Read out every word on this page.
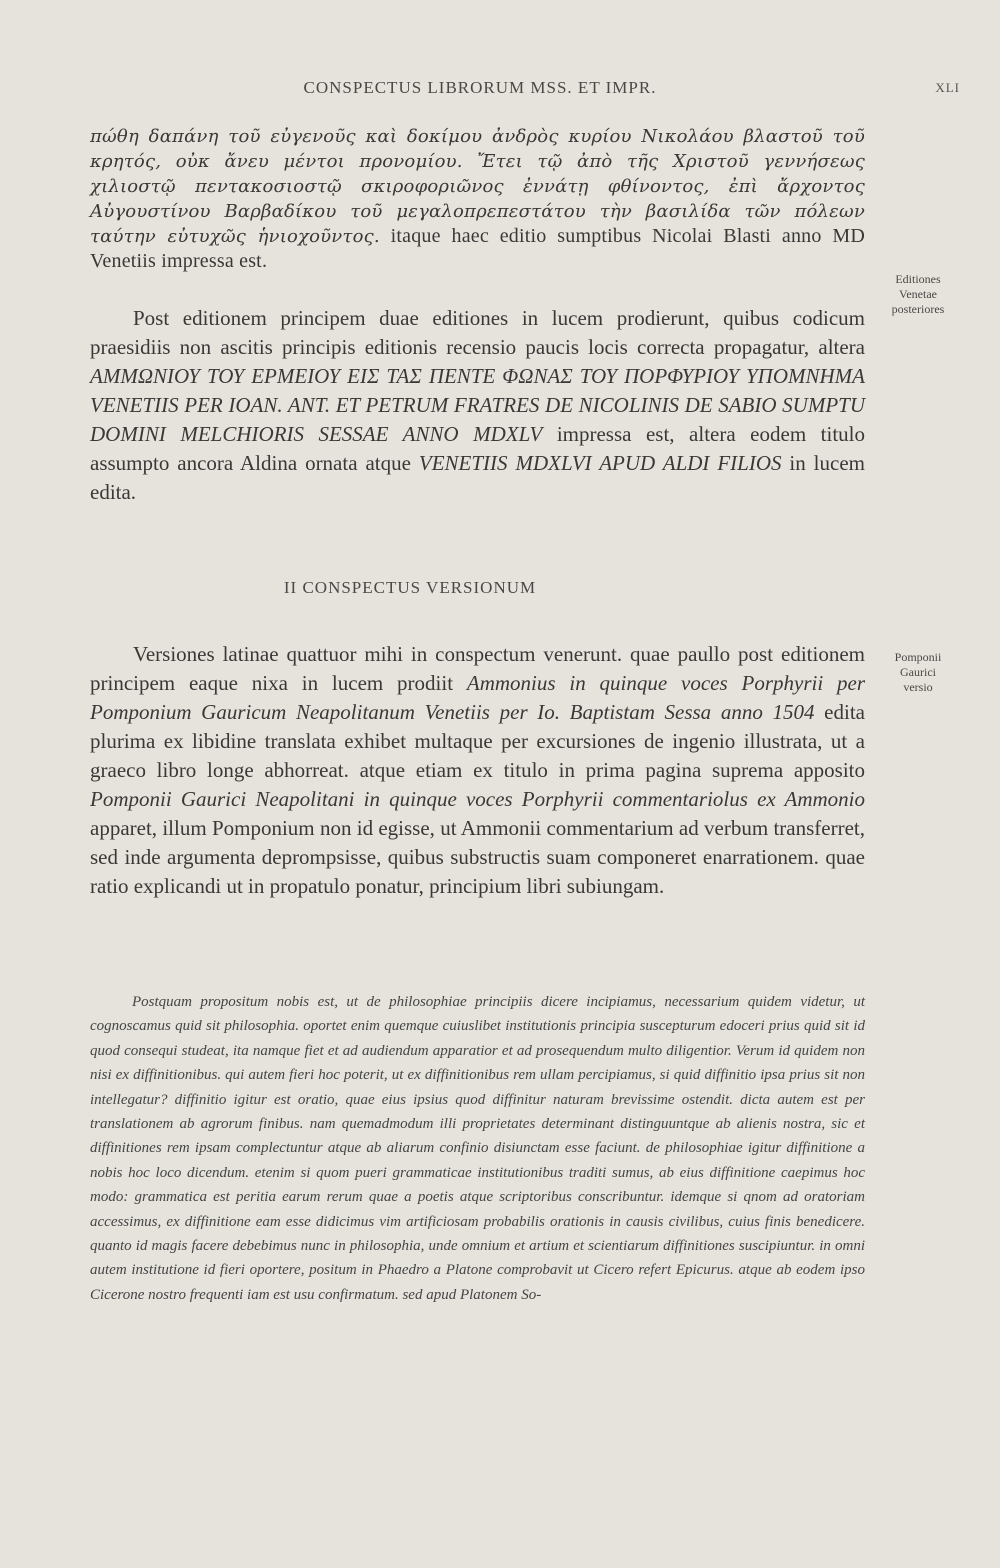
CONSPECTUS LIBRORUM MSS. ET IMPR.	XLI

πώθη δαπάνη τοῦ εὐγενοῦς καὶ δοκίμου ἀνδρὸς κυρίου Νικολάου βλαστοῦ τοῦ κρητός, οὐκ ἄνευ μέντοι προνομίου. Ἔτει τῷ ἀπὸ τῆς Χριστοῦ γεννήσεως χιλιοστῷ πεντακοσιοστῷ σκιροφοριῶνος ἐννάτῃ φθίνοντος, ἐπὶ ἄρχοντος Αὐγουστίνου Βαρβαδίκου τοῦ μεγαλοπρεπεστάτου τὴν βασιλίδα τῶν πόλεων ταύτην εὐτυχῶς ἡνιοχοῦντος. itaque haec editio sumptibus Nicolai Blasti anno MD Venetiis impressa est.

Post editionem principem duae editiones in lucem prodierunt, quibus codicum praesidiis non ascitis principis editionis recensio paucis locis correcta propagatur, altera ΑΜΜΩΝΙΟΥ ΤΟΥ ΕΡΜΕΙΟΥ ΕΙΣ ΤΑΣ ΠΕΝΤΕ ΦΩΝΑΣ ΤΟΥ ΠΟΡΦΥΡΙΟΥ ΥΠΟΜΝΗΜΑ VENETIIS PER IOAN. ANT. ET PETRUM FRATRES DE NICOLINIS DE SABIO SUMPTU DOMINI MELCHIORIS SESSAE ANNO MDXLV impressa est, altera eodem titulo assumpto ancora Aldina ornata atque VENETIIS MDXLVI APUD ALDI FILIOS in lucem edita.

II CONSPECTUS VERSIONUM

Versiones latinae quattuor mihi in conspectum venerunt. quae paullo post editionem principem eaque nixa in lucem prodiit Ammonius in quinque voces Porphyrii per Pomponium Gauricum Neapolitanum Venetiis per Io. Baptistam Sessa anno 1504 edita plurima ex libidine translata exhibet multaque per excursiones de ingenio illustrata, ut a graeco libro longe abhorreat. atque etiam ex titulo in prima pagina suprema apposito Pomponii Gaurici Neapolitani in quinque voces Porphyrii commentariolus ex Ammonio apparet, illum Pomponium non id egisse, ut Ammonii commentarium ad verbum transferret, sed inde argumenta deprompsisse, quibus substructis suam componeret enarrationem. quae ratio explicandi ut in propatulo ponatur, principium libri subiungam.

Postquam propositum nobis est, ut de philosophiae principiis dicere incipiamus, necessarium quidem videtur, ut cognoscamus quid sit philosophia. oportet enim quemque cuiuslibet institutionis principia suscepturum edoceri prius quid sit id quod consequi studeat, ita namque fiet et ad audiendum apparatior et ad prosequendum multo diligentior. Verum id quidem non nisi ex diffinitionibus. qui autem fieri hoc poterit, ut ex diffinitionibus rem ullam percipiamus, si quid diffinitio ipsa prius sit non intellegatur? diffinitio igitur est oratio, quae eius ipsius quod diffinitur naturam brevissime ostendit. dicta autem est per translationem ab agrorum finibus. nam quemadmodum illi proprietates determinant distinguuntque ab alienis nostra, sic et diffinitiones rem ipsam complectuntur atque ab aliarum confinio disiunctam esse faciunt. de philosophiae igitur diffinitione a nobis hoc loco dicendum. etenim si quom pueri grammaticae institutionibus traditi sumus, ab eius diffinitione caepimus hoc modo: grammatica est peritia earum rerum quae a poetis atque scriptoribus conscribuntur. idemque si qnom ad oratoriam accessimus, ex diffinitione eam esse didicimus vim artificiosam probabilis orationis in causis civilibus, cuius finis benedicere. quanto id magis facere debebimus nunc in philosophia, unde omnium et artium et scientiarum diffinitiones suscipiuntur. in omni autem institutione id fieri oportere, positum in Phaedro a Platone comprobavit ut Cicero refert Epicurus. atque ab eodem ipso Cicerone nostro frequenti iam est usu confirmatum. sed apud Platonem So-

Editiones
Venetae
posteriores
Pomponii
Gaurici
versio
